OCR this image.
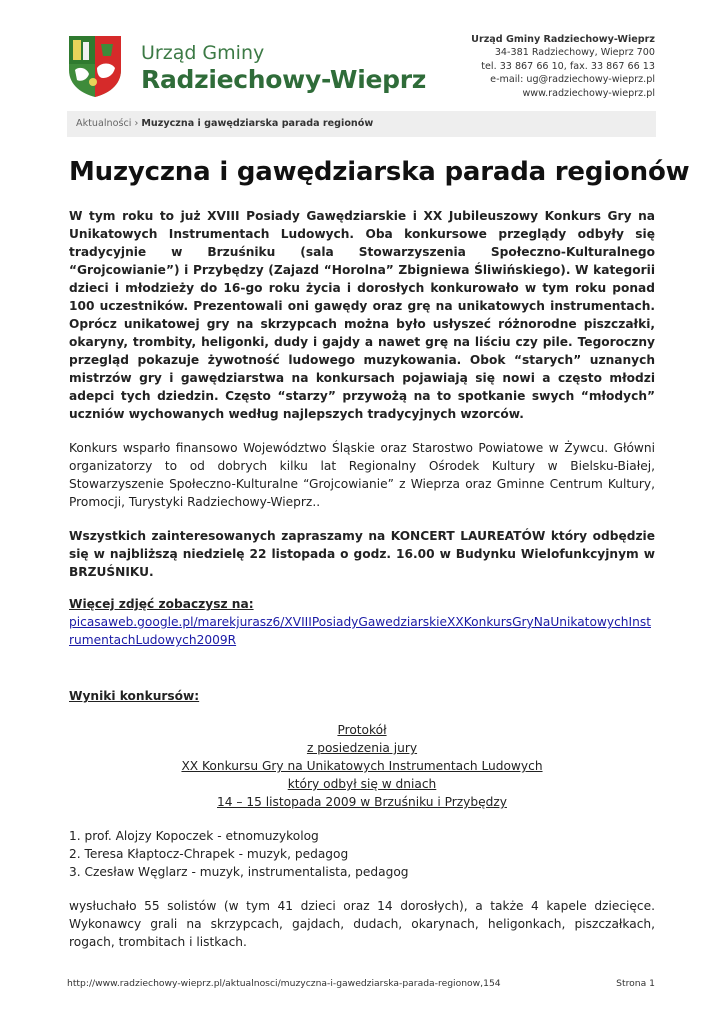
Urząd Gminy
Radziechowy-Wieprz
Urząd Gminy Radziechowy-Wieprz
34-381 Radziechowy, Wieprz 700
tel. 33 867 66 10, fax. 33 867 66 13
e-mail: ug@radziechowy-wieprz.pl
www.radziechowy-wieprz.pl
Aktualności › Muzyczna i gawędziarska parada regionów
Muzyczna i gawędziarska parada regionów

W tym roku to już XVIII Posiady Gawędziarskie i XX Jubileuszowy Konkurs Gry na Unikatowych Instrumentach Ludowych. Oba konkursowe przeglądy odbyły się tradycyjnie w Brzuśniku (sala Stowarzyszenia Społeczno-Kulturalnego “Grojcowianie”) i Przybędzy (Zajazd “Horolna” Zbigniewa Śliwińskiego). W kategorii dzieci i młodzieży do 16-go roku życia i dorosłych konkurowało w tym roku ponad 100 uczestników. Prezentowali oni gawędy oraz grę na unikatowych instrumentach. Oprócz unikatowej gry na skrzypcach można było usłyszeć różnorodne piszczałki, okaryny, trombity, heligonki, dudy i gajdy a nawet grę na liściu czy pile. Tegoroczny przegląd pokazuje żywotność ludowego muzykowania. Obok “starych” uznanych mistrzów gry i gawędziarstwa na konkursach pojawiają się nowi a często młodzi adepci tych dziedzin. Często “starzy” przywożą na to spotkanie swych “młodych” uczniów wychowanych według najlepszych tradycyjnych wzorców.

Konkurs wsparło finansowo Województwo Śląskie oraz Starostwo Powiatowe w Żywcu. Główni organizatorzy to od dobrych kilku lat Regionalny Ośrodek Kultury w Bielsku-Białej, Stowarzyszenie Społeczno-Kulturalne “Grojcowianie” z Wieprza oraz Gminne Centrum Kultury, Promocji, Turystyki Radziechowy-Wieprz..

Wszystkich zainteresowanych zapraszamy na KONCERT LAUREATÓW który odbędzie się w najbliższą niedzielę 22 listopada o godz. 16.00 w Budynku Wielofunkcyjnym w BRZUŚNIKU.

Więcej zdjęć zobaczysz na:

picasaweb.google.pl/marekjurasz6/XVIIIPosiadyGawedziarskieXXKonkursGryNaUnikatowychInstrumentachLudowych2009R

Wyniki konkursów:

Protokół
z posiedzenia jury
XX Konkursu Gry na Unikatowych Instrumentach Ludowych
który odbył się w dniach
14 – 15 listopada 2009 w Brzuśniku i Przybędzy

1. prof. Alojzy Kopoczek - etnomuzykolog
2. Teresa Kłaptocz-Chrapek - muzyk, pedagog
3. Czesław Węglarz - muzyk, instrumentalista, pedagog

wysłuchało 55 solistów (w tym 41 dzieci oraz 14 dorosłych), a także 4 kapele dziecięce. Wykonawcy grali na skrzypcach, gajdach, dudach, okarynach, heligonkach, piszczałkach, rogach, trombitach i listkach.

http://www.radziechowy-wieprz.pl/aktualnosci/muzyczna-i-gawedziarska-parada-regionow,154	Strona 1
